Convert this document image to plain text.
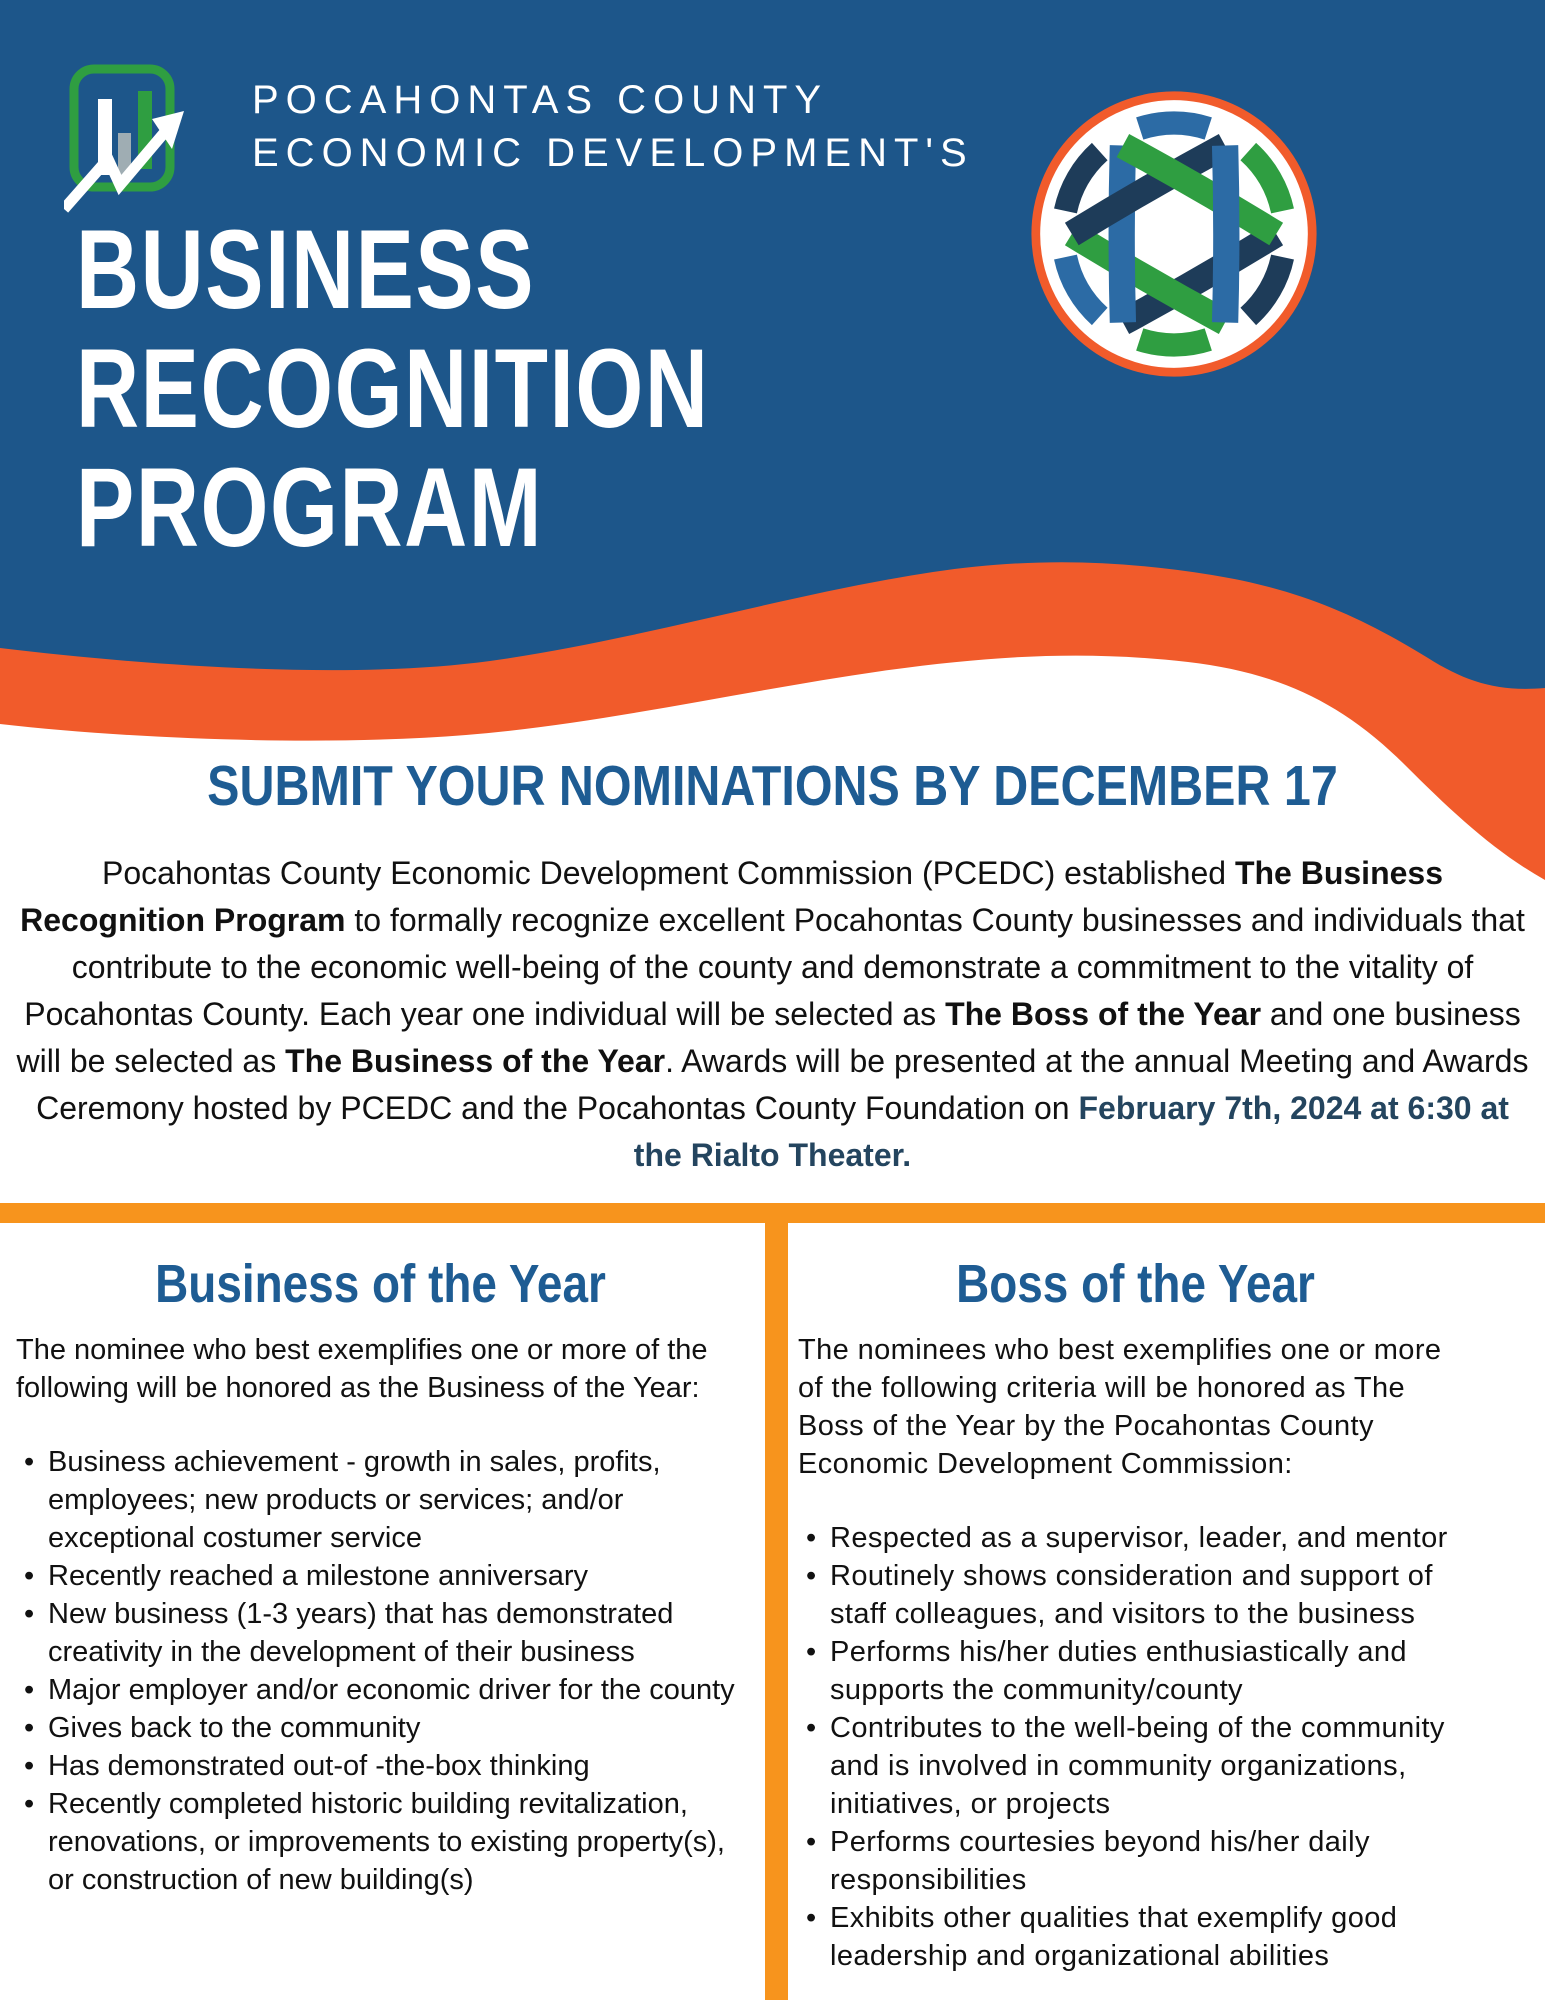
POCAHONTAS COUNTY
ECONOMIC DEVELOPMENT'S
BUSINESS
RECOGNITION
PROGRAM
SUBMIT YOUR NOMINATIONS BY DECEMBER 17

Pocahontas County Economic Development Commission (PCEDC) established The Business Recognition Program to formally recognize excellent Pocahontas County businesses and individuals that contribute to the economic well-being of the county and demonstrate a commitment to the vitality of Pocahontas County. Each year one individual will be selected as The Boss of the Year and one business will be selected as The Business of the Year. Awards will be presented at the annual Meeting and Awards Ceremony hosted by PCEDC and the Pocahontas County Foundation on February 7th, 2024 at 6:30 at the Rialto Theater.

Business of the Year

The nominee who best exemplifies one or more of the following will be honored as the Business of the Year:

• Business achievement - growth in sales, profits, employees; new products or services; and/or exceptional costumer service
• Recently reached a milestone anniversary
• New business (1-3 years) that has demonstrated creativity in the development of their business
• Major employer and/or economic driver for the county
• Gives back to the community
• Has demonstrated out-of -the-box thinking
• Recently completed historic building revitalization, renovations, or improvements to existing property(s), or construction of new building(s)
Boss of the Year

The nominees who best exemplifies one or more of the following criteria will be honored as The Boss of the Year by the Pocahontas County Economic Development Commission:

• Respected as a supervisor, leader, and mentor
• Routinely shows consideration and support of staff colleagues, and visitors to the business
• Performs his/her duties enthusiastically and supports the community/county
• Contributes to the well-being of the community and is involved in community organizations, initiatives, or projects
• Performs courtesies beyond his/her daily responsibilities
• Exhibits other qualities that exemplify good leadership and organizational abilities
